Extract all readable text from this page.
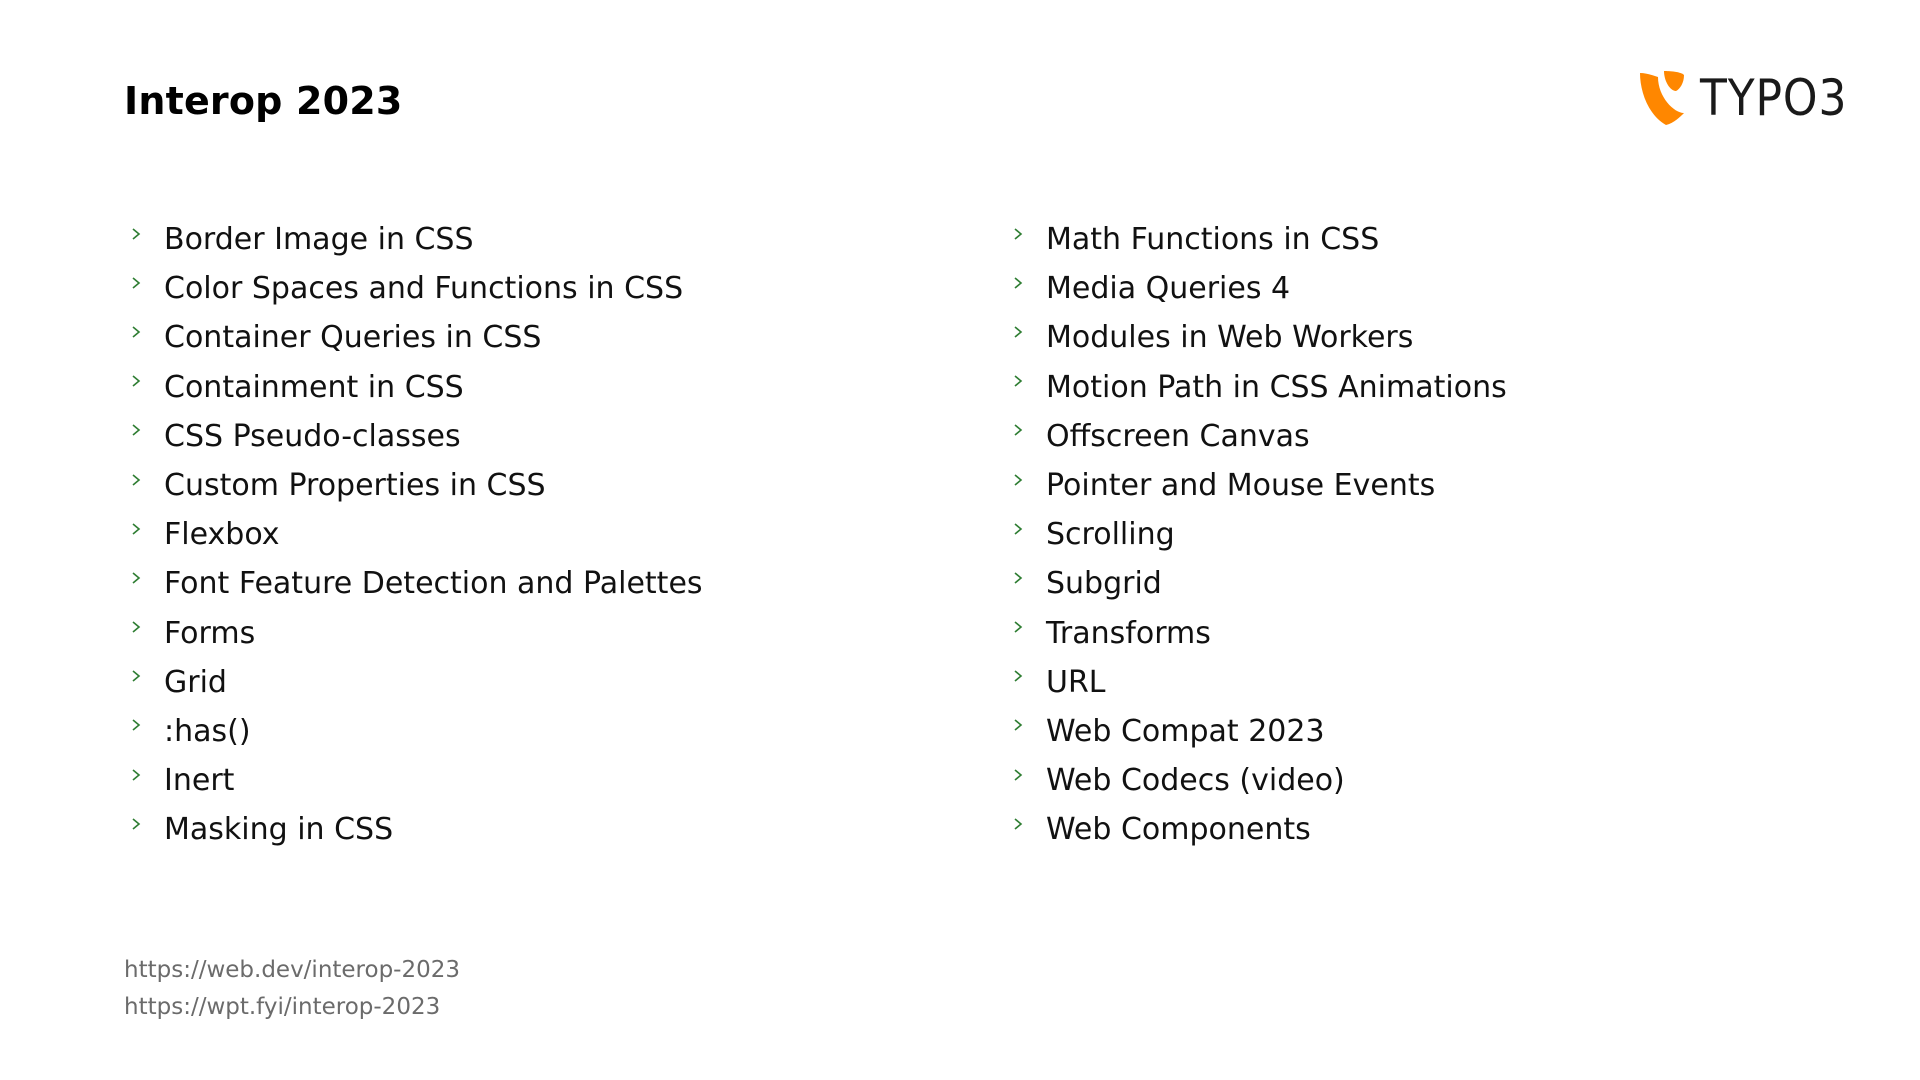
Interop 2023	TYPO3
Border Image in CSS
Color Spaces and Functions in CSS
Container Queries in CSS
Containment in CSS
CSS Pseudo-classes
Custom Properties in CSS
Flexbox
Font Feature Detection and Palettes
Forms
Grid
:has()
Inert
Masking in CSS
Math Functions in CSS
Media Queries 4
Modules in Web Workers
Motion Path in CSS Animations
Offscreen Canvas
Pointer and Mouse Events
Scrolling
Subgrid
Transforms
URL
Web Compat 2023
Web Codecs (video)
Web Components
https://web.dev/interop-2023
https://wpt.fyi/interop-2023
